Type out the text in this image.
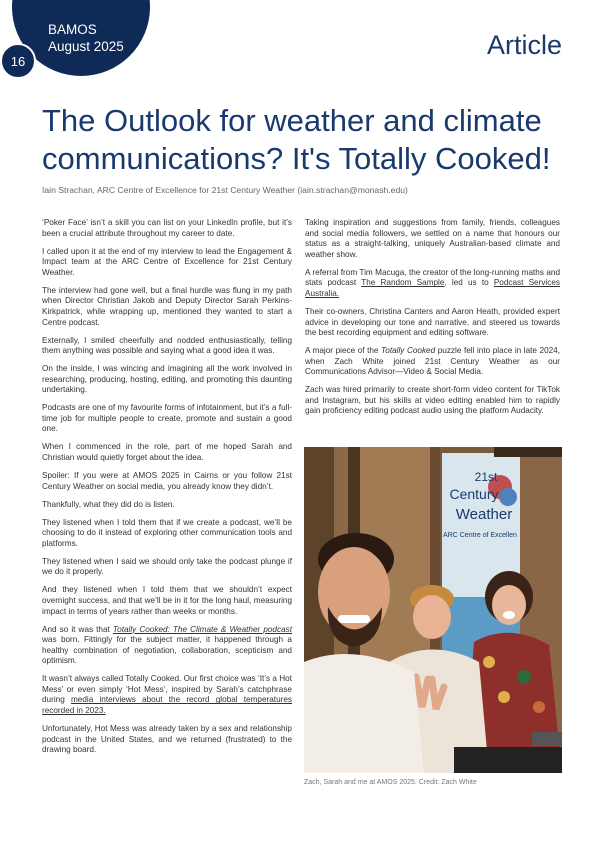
BAMOS
August 2025
16
Article
The Outlook for weather and climate communications? It's Totally Cooked!
Iain Strachan, ARC Centre of Excellence for 21st Century Weather (iain.strachan@monash.edu)

‘Poker Face’ isn’t a skill you can list on your LinkedIn profile, but it’s been a crucial attribute throughout my career to date.

I called upon it at the end of my interview to lead the Engagement & Impact team at the ARC Centre of Excellence for 21st Century Weather.

The interview had gone well, but a final hurdle was flung in my path when Director Christian Jakob and Deputy Director Sarah Perkins-Kirkpatrick, while wrapping up, mentioned they wanted to start a Centre podcast.

Externally, I smiled cheerfully and nodded enthusiastically, telling them anything was possible and saying what a good idea it was.

On the inside, I was wincing and imagining all the work involved in researching, producing, hosting, editing, and promoting this daunting undertaking.

Podcasts are one of my favourite forms of infotainment, but it’s a full-time job for multiple people to create, promote and sustain a good one.

When I commenced in the role, part of me hoped Sarah and Christian would quietly forget about the idea.

Spoiler: If you were at AMOS 2025 in Cairns or you follow 21st Century Weather on social media, you already know they didn’t.

Thankfully, what they did do is listen.

They listened when I told them that if we create a podcast, we’ll be choosing to do it instead of exploring other communication tools and platforms.

They listened when I said we should only take the podcast plunge if we do it properly.

And they listened when I told them that we shouldn’t expect overnight success, and that we’ll be in it for the long haul, measuring impact in terms of years rather than weeks or months.

And so it was that Totally Cooked: The Climate & Weather podcast was born. Fittingly for the subject matter, it happened through a healthy combination of negotiation, collaboration, scepticism and optimism.

It wasn’t always called Totally Cooked. Our first choice was ‘It’s a Hot Mess’ or even simply ‘Hot Mess’, inspired by Sarah’s catchphrase during media interviews about the record global temperatures recorded in 2023.

Unfortunately, Hot Mess was already taken by a sex and relationship podcast in the United States, and we returned (frustrated) to the drawing board.

Taking inspiration and suggestions from family, friends, colleagues and social media followers, we settled on a name that honours our status as a straight-talking, uniquely Australian-based climate and weather show.

A referral from Tim Macuga, the creator of the long-running maths and stats podcast The Random Sample, led us to Podcast Services Australia.

Their co-owners, Christina Canters and Aaron Heath, provided expert advice in developing our tone and narrative, and steered us towards the best recording equipment and editing software.

A major piece of the Totally Cooked puzzle fell into place in late 2024, when Zach White joined 21st Century Weather as our Communications Advisor—Video & Social Media.

Zach was hired primarily to create short-form video content for TikTok and Instagram, but his skills at video editing enabled him to rapidly gain proficiency editing podcast audio using the platform Audacity.

21st
Century
Weather
ARC Centre of Excellen
Zach, Sarah and me at AMOS 2025. Credit: Zach White
